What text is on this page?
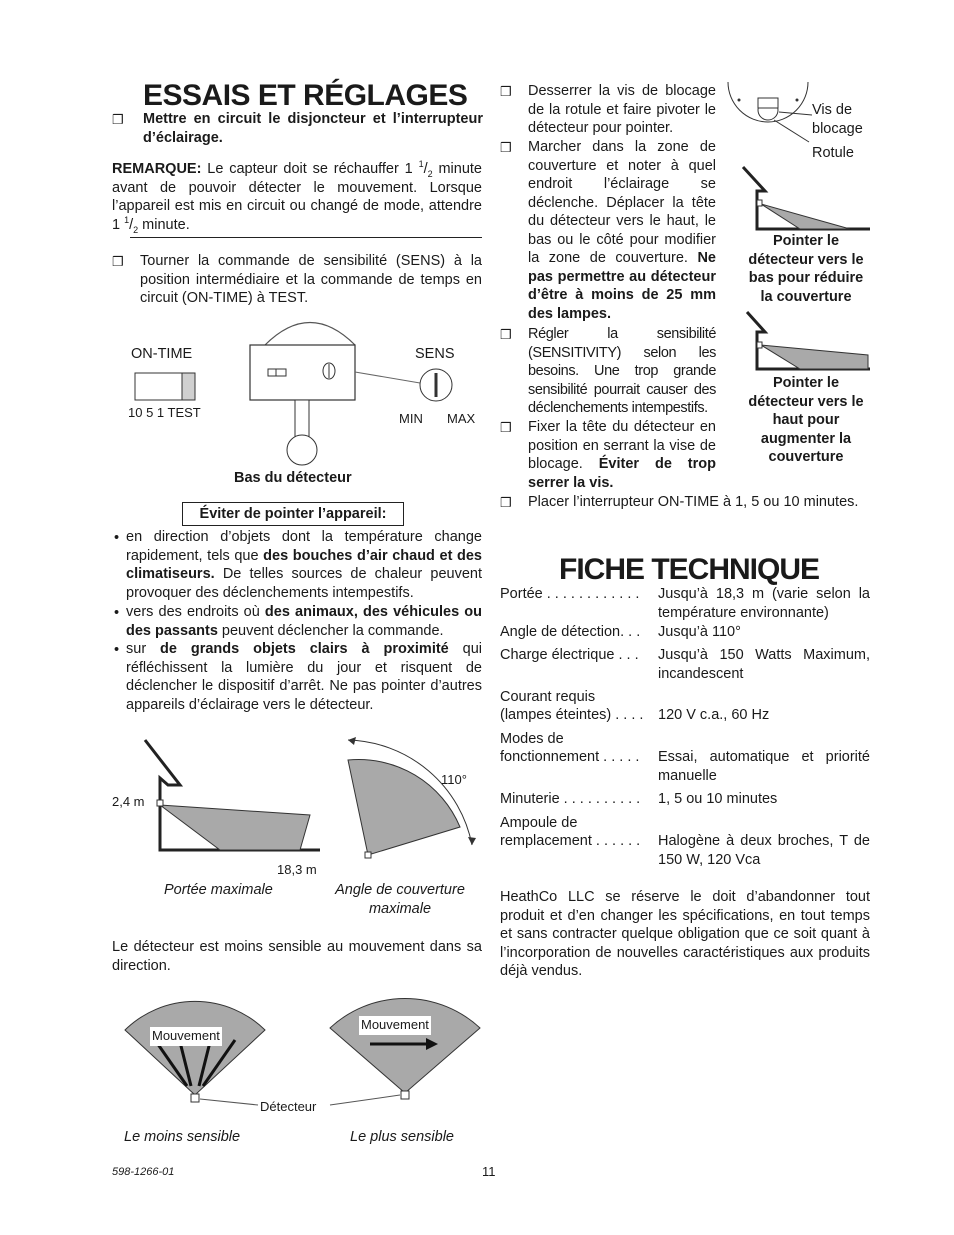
ESSAIS ET RÉGLAGES
❒ Mettre en circuit le disjoncteur et l’interrupteur d’éclairage.
REMARQUE: Le capteur doit se réchauffer 1 $^1/_2$ minute avant de pouvoir détecter le mouvement. Lorsque l’appareil est mis en circuit ou changé de mode, attendre 1 $^1/_2$ minute.
❒ Tourner la commande de sensibilité (SENS) à la position intermédiaire et la commande de temps en circuit (ON-TIME) à TEST.
ON-TIME	SENS
10 5 1 TEST	MIN MAX
Bas du détecteur
Éviter de pointer l’appareil:
• en direction d’objets dont la température change rapidement, tels que des bouches d’air chaud et des climatiseurs. De telles sources de chaleur peuvent provoquer des déclenchements intempestifs.
• vers des endroits où des animaux, des véhicules ou des passants peuvent déclencher la commande.
• sur de grands objets clairs à proximité qui réfléchissent la lumière du jour et risquent de déclencher le dispositif d’arrêt. Ne pas pointer d’autres appareils d’éclairage vers le détecteur.
2,4 m
18,3 m
110°
Portée maximale	Angle de couverture
maximale
Le détecteur est moins sensible au mouvement dans sa direction.
Mouvement
Mouvement
Détecteur
Le moins sensible	Le plus sensible
598-1266-01	11
❒ Desserrer la vis de blocage de la rotule et faire pivoter le détecteur pour pointer.
❒ Marcher dans la zone de couverture et noter à quel endroit l’éclairage se déclenche. Déplacer la tête du détecteur vers le haut, le bas ou le côté pour modifier la zone de couverture. Ne pas permettre au détecteur d’être à moins de 25 mm des lampes.
❒ Régler la sensibilité (SENSITIVITY) selon les besoins. Une trop grande sensibilité pourrait causer des déclenchements intempestifs.
❒ Fixer la tête du détecteur en position en serrant la vise de blocage. Éviter de trop serrer la vis.
❒ Placer l’interrupteur ON-TIME à 1, 5 ou 10 minutes.
Vis de
blocage
Rotule
Pointer le détecteur vers le bas pour réduire la couverture
Pointer le détecteur vers le haut pour augmenter la couverture
FICHE TECHNIQUE
Portée . . . . . . . . . . . . Jusqu’à 18,3 m (varie selon la température environnante)
Angle de détection. . . Jusqu’à 110°
Charge électrique . . . Jusqu’à 150 Watts Maximum, incandescent
Courant requis
(lampes éteintes) . . . . 120 V c.a., 60 Hz
Modes de
fonctionnement . . . . . Essai, automatique et priorité manuelle
Minuterie . . . . . . . . . . 1, 5 ou 10 minutes
Ampoule de
remplacement . . . . . . Halogène à deux broches, T de 150 W, 120 Vca
HeathCo LLC se réserve le doit d’abandonner tout produit et d’en changer les spécifications, en tout temps et sans contracter quelque obligation que ce soit quant à l’incorporation de nouvelles caractéristiques aux produits déjà vendus.
